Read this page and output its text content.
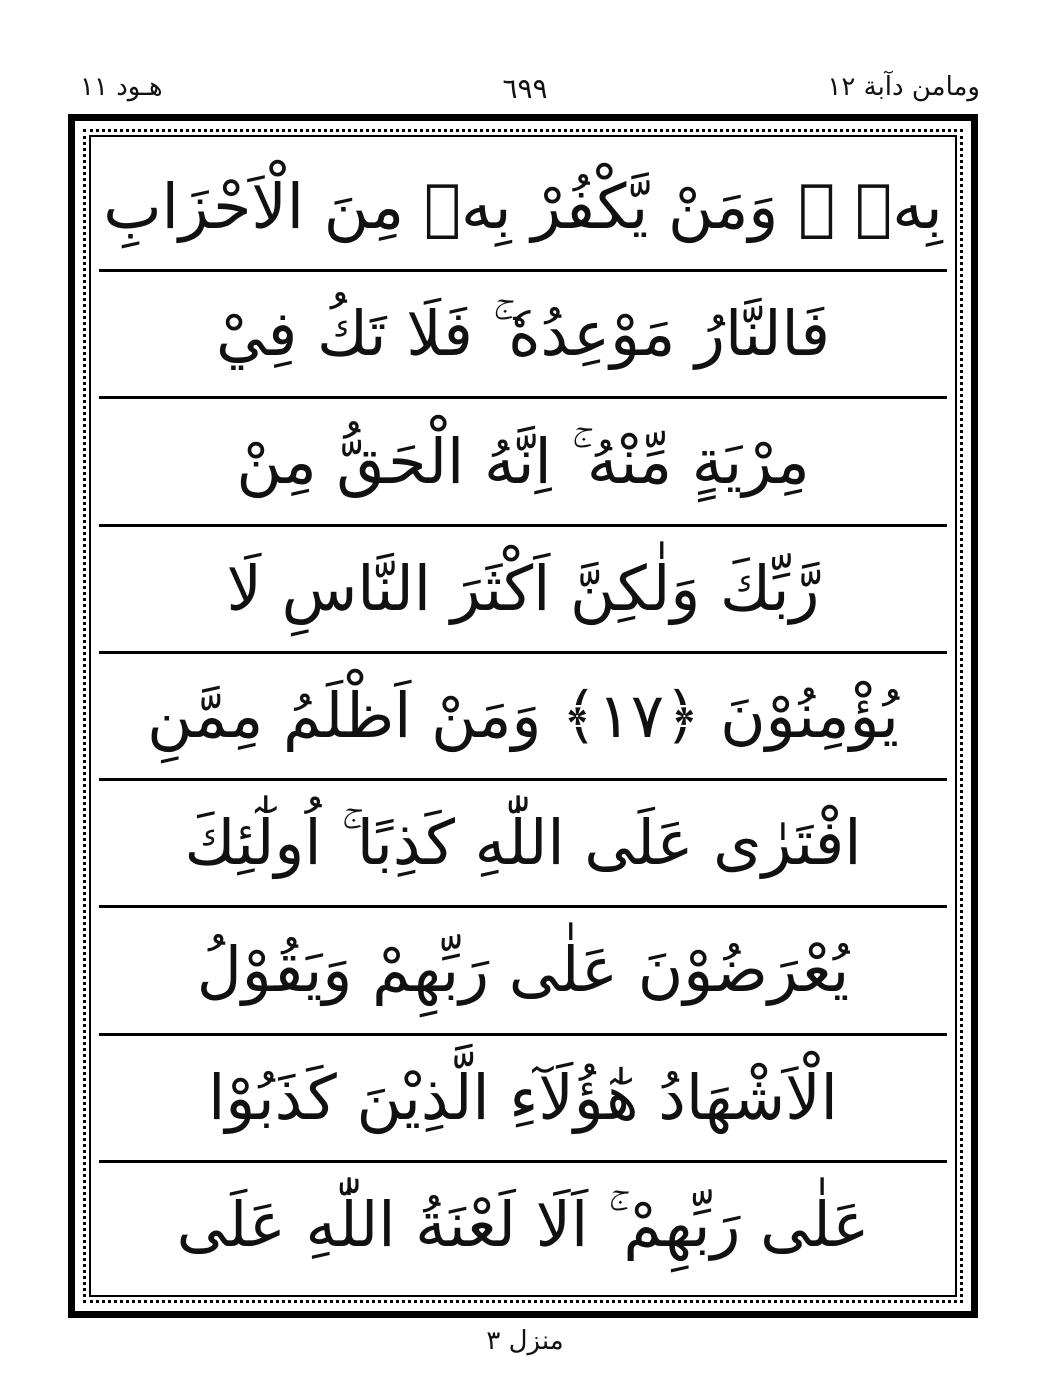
ومامن دآبة ١٢
٦٩٩
هـود ١١
بِهٖ ۚ وَمَنْ يَّكْفُرْ بِهٖ مِنَ الْاَحْزَابِ
فَالنَّارُ مَوْعِدُهٗ ۚ فَلَا تَكُ فِيْ
مِرْيَةٍ مِّنْهُ ۚ اِنَّهُ الْحَقُّ مِنْ
رَّبِّكَ وَلٰكِنَّ اَكْثَرَ النَّاسِ لَا
يُؤْمِنُوْنَ ﴿١٧﴾ وَمَنْ اَظْلَمُ مِمَّنِ
افْتَرٰى عَلَى اللّٰهِ كَذِبًا ۚ اُولٰٓئِكَ
يُعْرَضُوْنَ عَلٰى رَبِّهِمْ وَيَقُوْلُ
الْاَشْهَادُ هٰٓؤُلَآءِ الَّذِيْنَ كَذَبُوْا
عَلٰى رَبِّهِمْ ۚ اَلَا لَعْنَةُ اللّٰهِ عَلَى
منزل ٣
